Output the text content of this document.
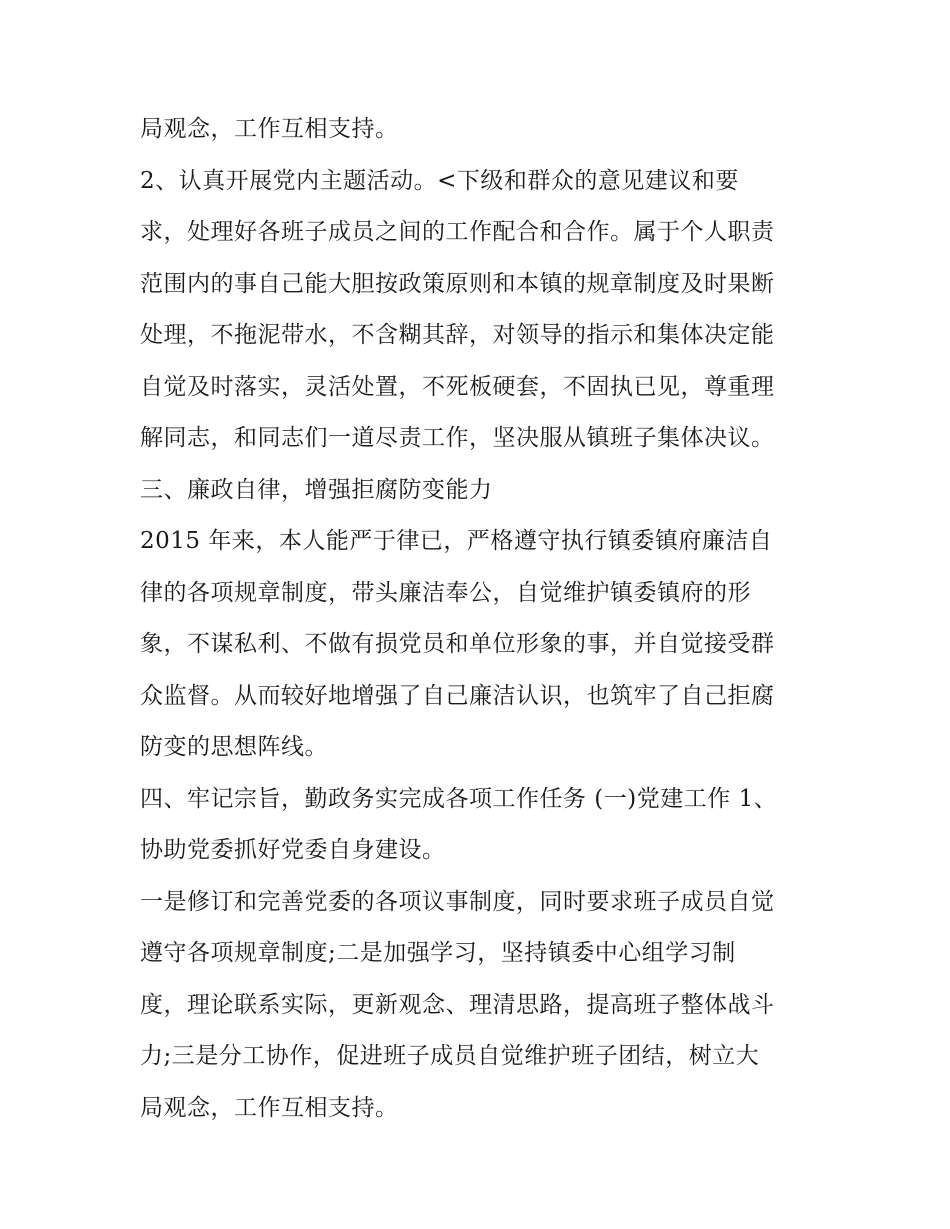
局观念，工作互相支持。
2、认真开展党内主题活动。<下级和群众的意见建议和要
求，处理好各班子成员之间的工作配合和合作。属于个人职责
范围内的事自己能大胆按政策原则和本镇的规章制度及时果断
处理，不拖泥带水，不含糊其辞，对领导的指示和集体决定能
自觉及时落实，灵活处置，不死板硬套，不固执已见，尊重理
解同志，和同志们一道尽责工作，坚决服从镇班子集体决议。
三、廉政自律，增强拒腐防变能力
2015 年来，本人能严于律已，严格遵守执行镇委镇府廉洁自
律的各项规章制度，带头廉洁奉公，自觉维护镇委镇府的形
象，不谋私利、不做有损党员和单位形象的事，并自觉接受群
众监督。从而较好地增强了自己廉洁认识，也筑牢了自己拒腐
防变的思想阵线。
四、牢记宗旨，勤政务实完成各项工作任务 (一)党建工作 1、
协助党委抓好党委自身建设。
一是修订和完善党委的各项议事制度，同时要求班子成员自觉
遵守各项规章制度;二是加强学习，坚持镇委中心组学习制
度，理论联系实际，更新观念、理清思路，提高班子整体战斗
力;三是分工协作，促进班子成员自觉维护班子团结，树立大
局观念，工作互相支持。
